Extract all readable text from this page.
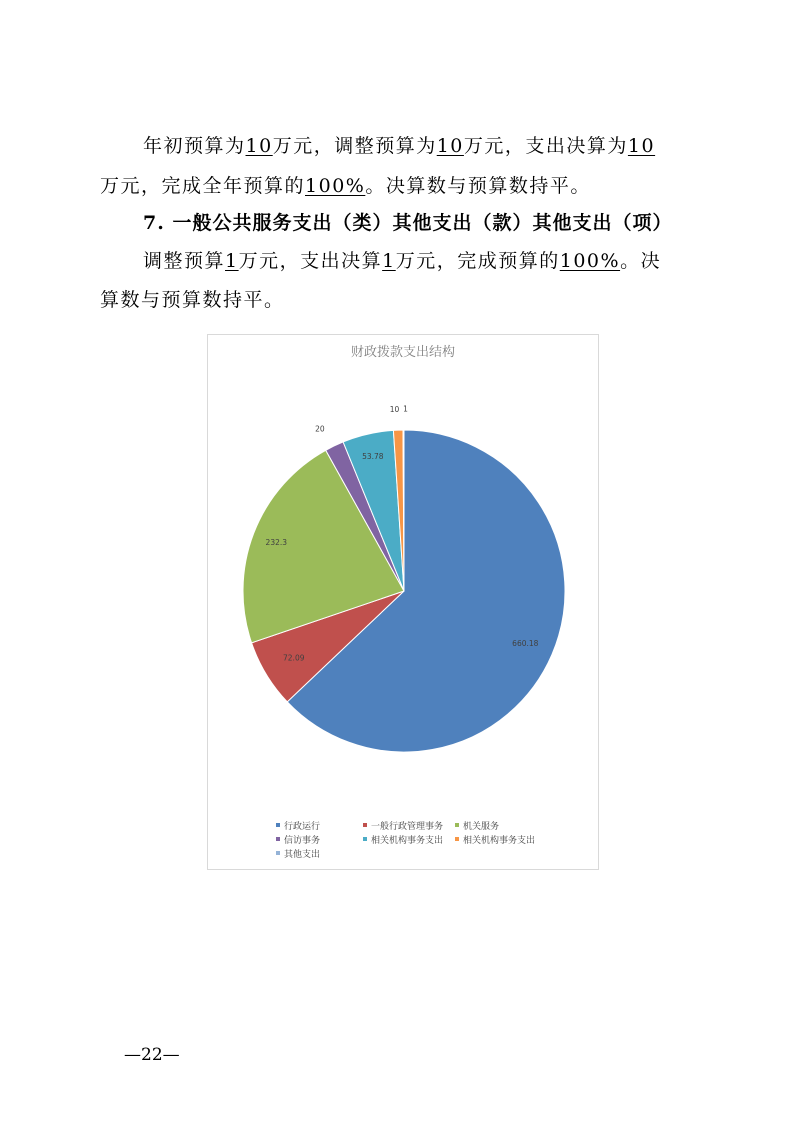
年初预算为10万元，调整预算为10万元，支出决算为10
万元，完成全年预算的100%。决算数与预算数持平。
7. 一般公共服务支出（类）其他支出（款）其他支出（项）
调整预算1万元，支出决算1万元，完成预算的100%。决
算数与预算数持平。
财政拨款支出结构
660.18
72.09
232.3
20
53.78
10 1
行政运行	一般行政管理事务 机关服务
信访事务	相关机构事务支出 相关机构事务支出
其他支出
—22—
